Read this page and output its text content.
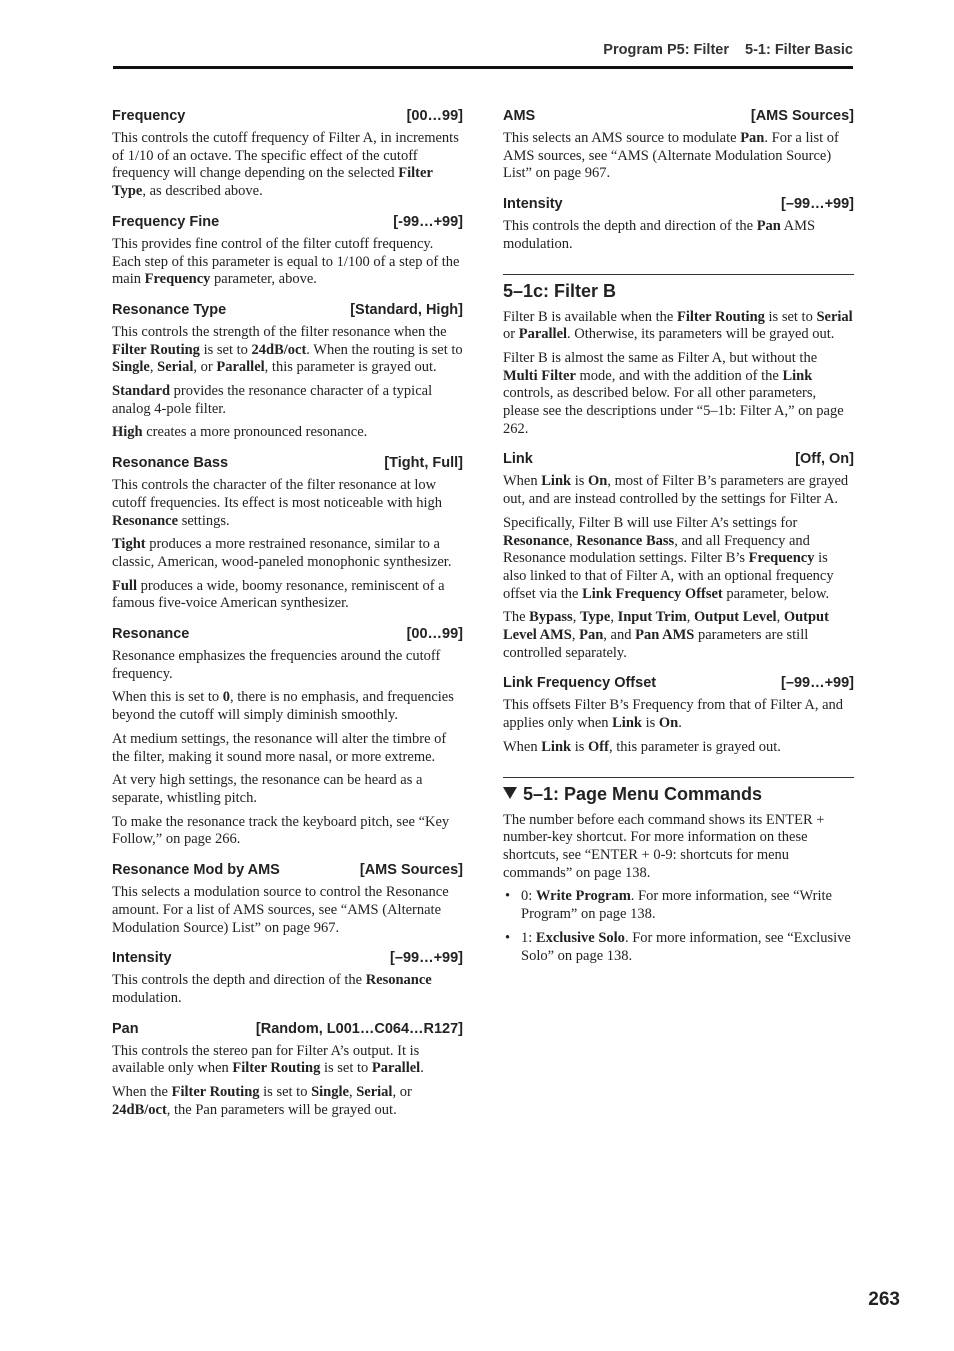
Program P5: Filter 5-1: Filter Basic
Frequency	[00…99]

This controls the cutoff frequency of Filter A, in increments of 1/10 of an octave. The specific effect of the cutoff frequency will change depending on the selected Filter Type, as described above.

Frequency Fine	[-99…+99]

This provides fine control of the filter cutoff frequency. Each step of this parameter is equal to 1/100 of a step of the main Frequency parameter, above.

Resonance Type	[Standard, High]

This controls the strength of the filter resonance when the Filter Routing is set to 24dB/oct. When the routing is set to Single, Serial, or Parallel, this parameter is grayed out.

Standard provides the resonance character of a typical analog 4-pole filter.

High creates a more pronounced resonance.

Resonance Bass	[Tight, Full]

This controls the character of the filter resonance at low cutoff frequencies. Its effect is most noticeable with high Resonance settings.

Tight produces a more restrained resonance, similar to a classic, American, wood-paneled monophonic synthesizer.

Full produces a wide, boomy resonance, reminiscent of a famous five-voice American synthesizer.

Resonance	[00…99]

Resonance emphasizes the frequencies around the cutoff frequency.

When this is set to 0, there is no emphasis, and frequencies beyond the cutoff will simply diminish smoothly.

At medium settings, the resonance will alter the timbre of the filter, making it sound more nasal, or more extreme.

At very high settings, the resonance can be heard as a separate, whistling pitch.

To make the resonance track the keyboard pitch, see “Key Follow,” on page 266.

Resonance Mod by AMS	[AMS Sources]

This selects a modulation source to control the Resonance amount. For a list of AMS sources, see “AMS (Alternate Modulation Source) List” on page 967.

Intensity	[–99…+99]

This controls the depth and direction of the Resonance modulation.

Pan	[Random, L001…C064…R127]

This controls the stereo pan for Filter A’s output. It is available only when Filter Routing is set to Parallel.

When the Filter Routing is set to Single, Serial, or 24dB/oct, the Pan parameters will be grayed out.

AMS	[AMS Sources]

This selects an AMS source to modulate Pan. For a list of AMS sources, see “AMS (Alternate Modulation Source) List” on page 967.

Intensity	[–99…+99]

This controls the depth and direction of the Pan AMS modulation.

5–1c: Filter B

Filter B is available when the Filter Routing is set to Serial or Parallel. Otherwise, its parameters will be grayed out.

Filter B is almost the same as Filter A, but without the Multi Filter mode, and with the addition of the Link controls, as described below. For all other parameters, please see the descriptions under “5–1b: Filter A,” on page 262.

Link	[Off, On]

When Link is On, most of Filter B’s parameters are grayed out, and are instead controlled by the settings for Filter A.

Specifically, Filter B will use Filter A’s settings for Resonance, Resonance Bass, and all Frequency and Resonance modulation settings. Filter B’s Frequency is also linked to that of Filter A, with an optional frequency offset via the Link Frequency Offset parameter, below.

The Bypass, Type, Input Trim, Output Level, Output Level AMS, Pan, and Pan AMS parameters are still controlled separately.

Link Frequency Offset	[–99…+99]

This offsets Filter B’s Frequency from that of Filter A, and applies only when Link is On.

When Link is Off, this parameter is grayed out.

5–1: Page Menu Commands

The number before each command shows its ENTER + number-key shortcut. For more information on these shortcuts, see “ENTER + 0-9: shortcuts for menu commands” on page 138.

• 0: Write Program. For more information, see “Write Program” on page 138.
• 1: Exclusive Solo. For more information, see “Exclusive Solo” on page 138.
263
